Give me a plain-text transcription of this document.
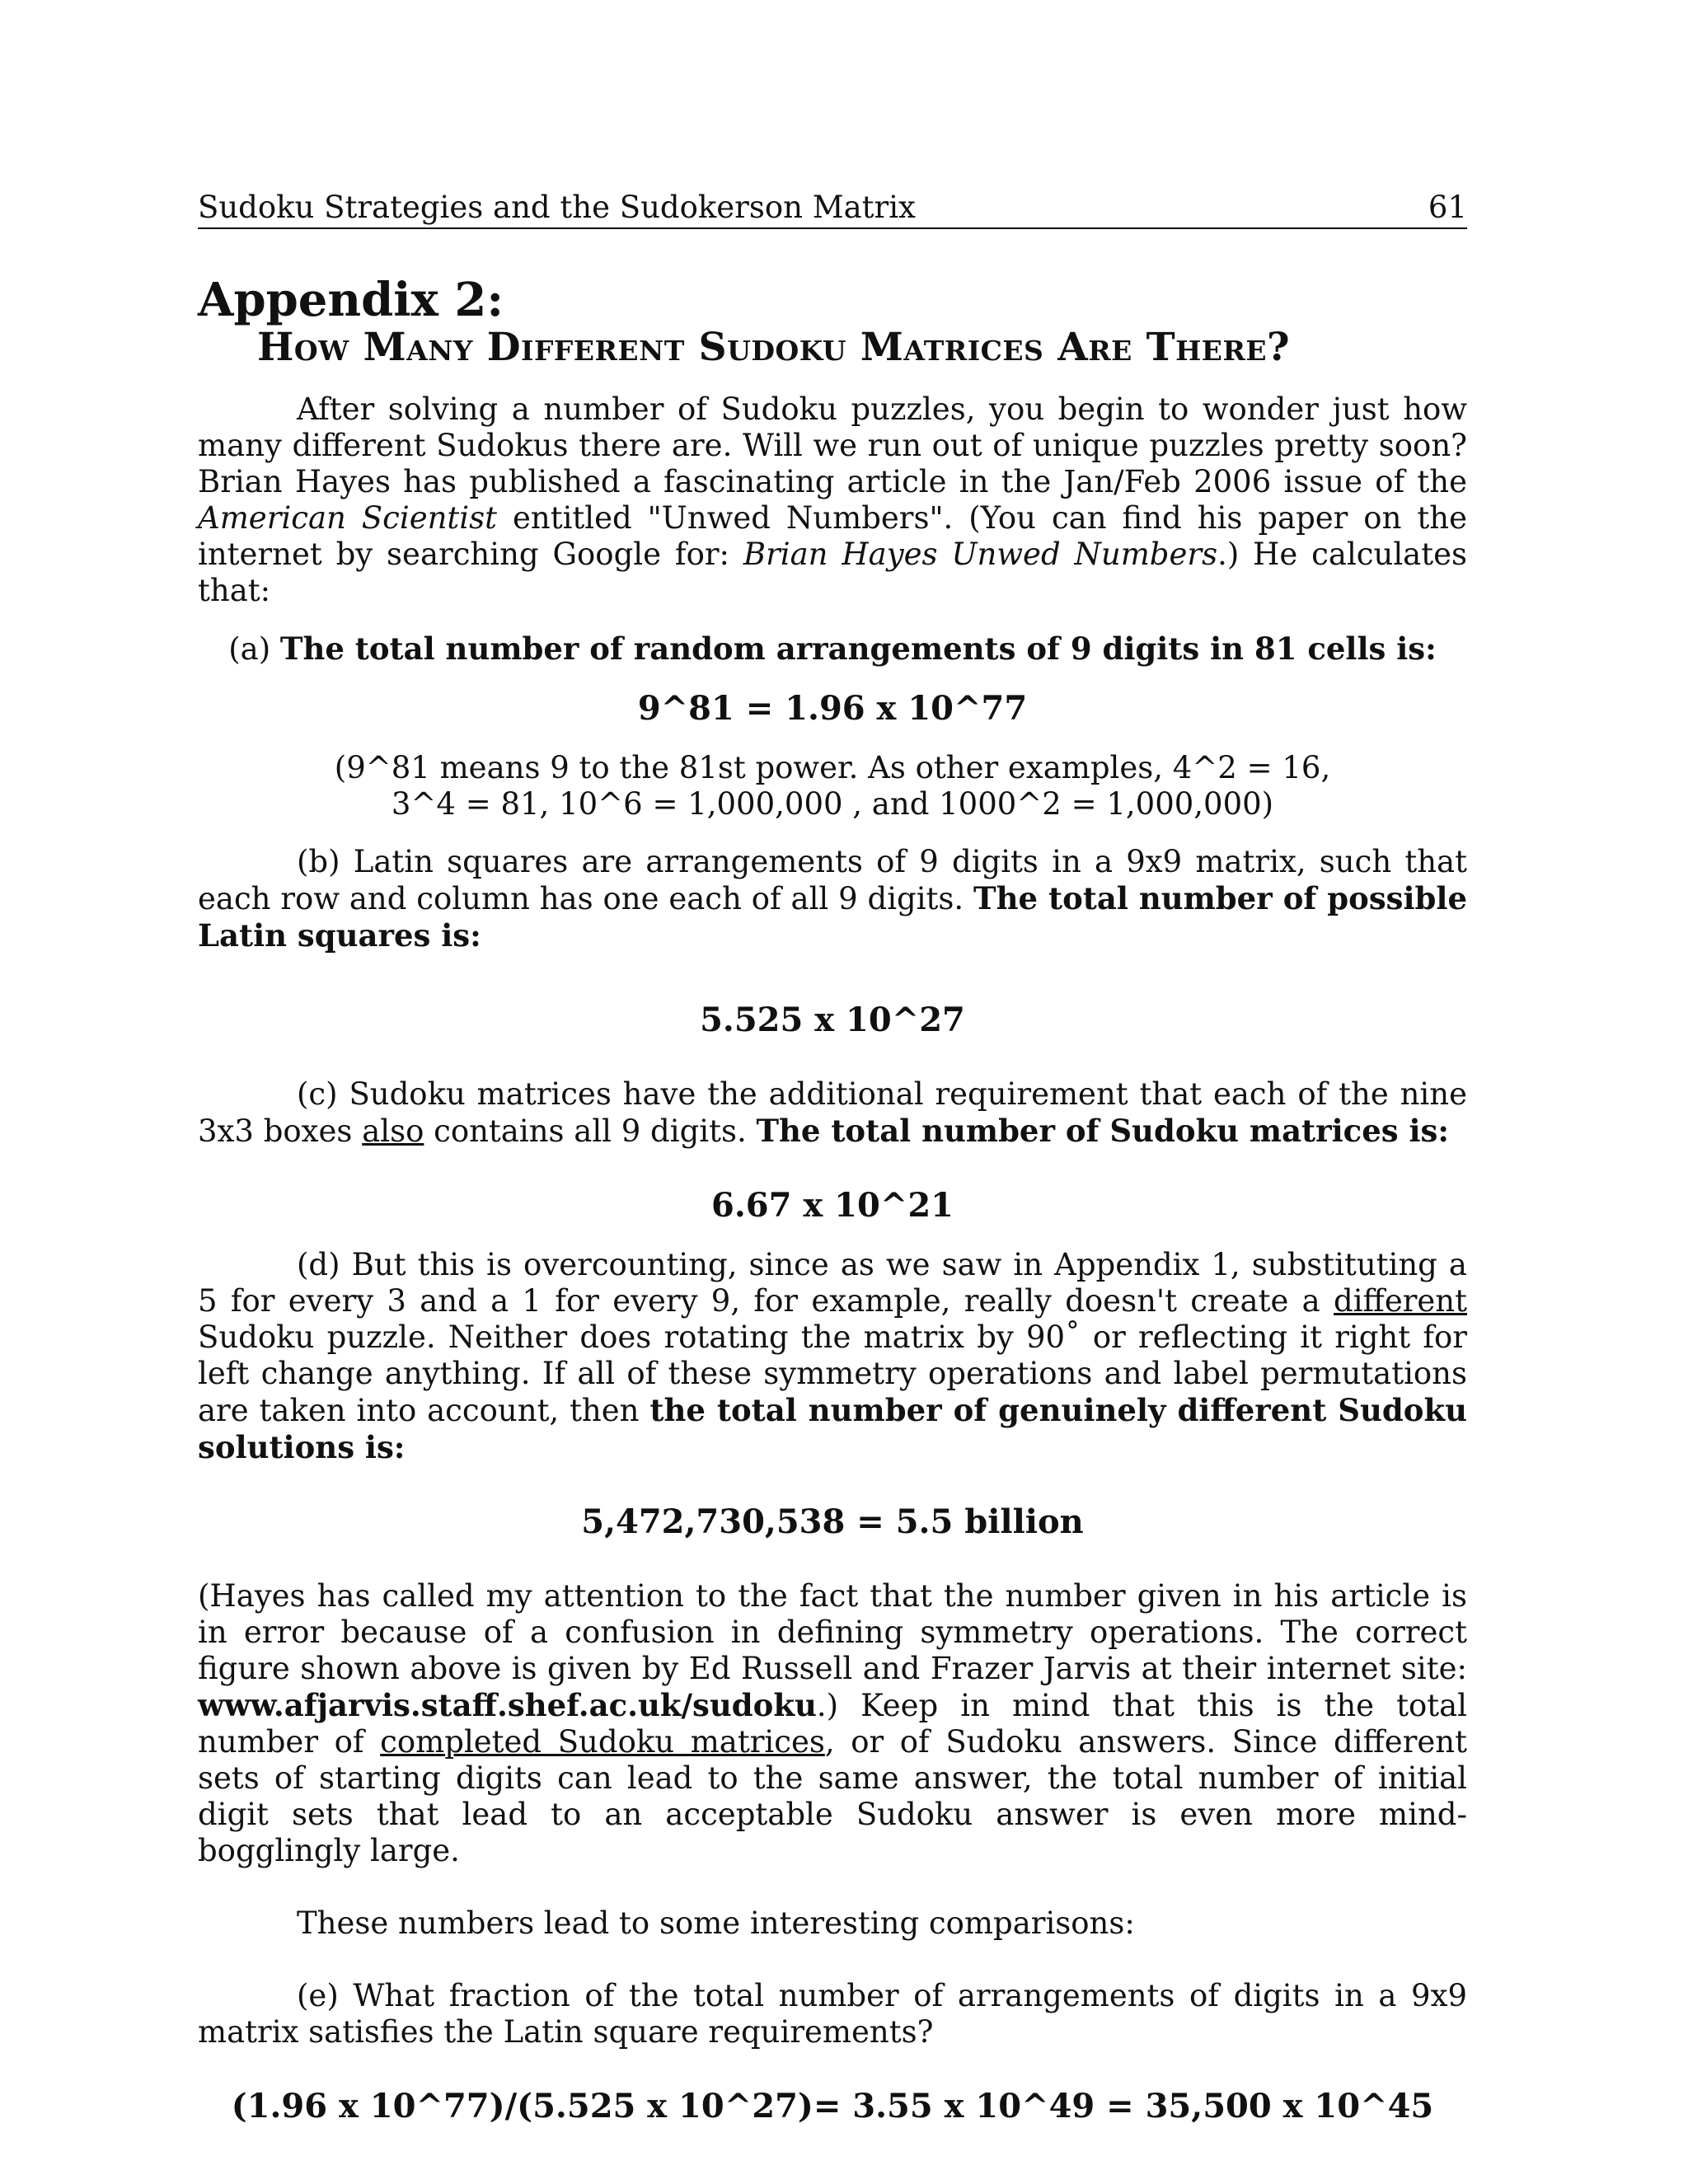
Sudoku Strategies and the Sudokerson Matrix	61
Appendix 2:
How Many Different Sudoku Matrices Are There?

After solving a number of Sudoku puzzles, you begin to wonder just how many different Sudokus there are. Will we run out of unique puzzles pretty soon? Brian Hayes has published a fascinating article in the Jan/Feb 2006 issue of the American Scientist entitled "Unwed Numbers". (You can find his paper on the internet by searching Google for: Brian Hayes Unwed Numbers.) He calculates that:

(a) The total number of random arrangements of 9 digits in 81 cells is:

9^81 = 1.96 x 10^77

(9^81 means 9 to the 81st power. As other examples, 4^2 = 16,

3^4 = 81, 10^6 = 1,000,000 , and 1000^2 = 1,000,000)

(b) Latin squares are arrangements of 9 digits in a 9x9 matrix, such that each row and column has one each of all 9 digits. The total number of possible Latin squares is:

5.525 x 10^27

(c) Sudoku matrices have the additional requirement that each of the nine 3x3 boxes also contains all 9 digits. The total number of Sudoku matrices is:

6.67 x 10^21

(d) But this is overcounting, since as we saw in Appendix 1, substituting a 5 for every 3 and a 1 for every 9, for example, really doesn't create a different Sudoku puzzle. Neither does rotating the matrix by 90˚ or reflecting it right for left change anything. If all of these symmetry operations and label permutations are taken into account, then the total number of genuinely different Sudoku solutions is:

5,472,730,538 = 5.5 billion

(Hayes has called my attention to the fact that the number given in his article is in error because of a confusion in defining symmetry operations. The correct figure shown above is given by Ed Russell and Frazer Jarvis at their internet site: www.afjarvis.staff.shef.ac.uk/sudoku.) Keep in mind that this is the total number of completed Sudoku matrices, or of Sudoku answers. Since different sets of starting digits can lead to the same answer, the total number of initial digit sets that lead to an acceptable Sudoku answer is even more mind-bogglingly large.

These numbers lead to some interesting comparisons:

(e) What fraction of the total number of arrangements of digits in a 9x9 matrix satisfies the Latin square requirements?

(1.96 x 10^77)/(5.525 x 10^27)= 3.55 x 10^49 = 35,500 x 10^45
